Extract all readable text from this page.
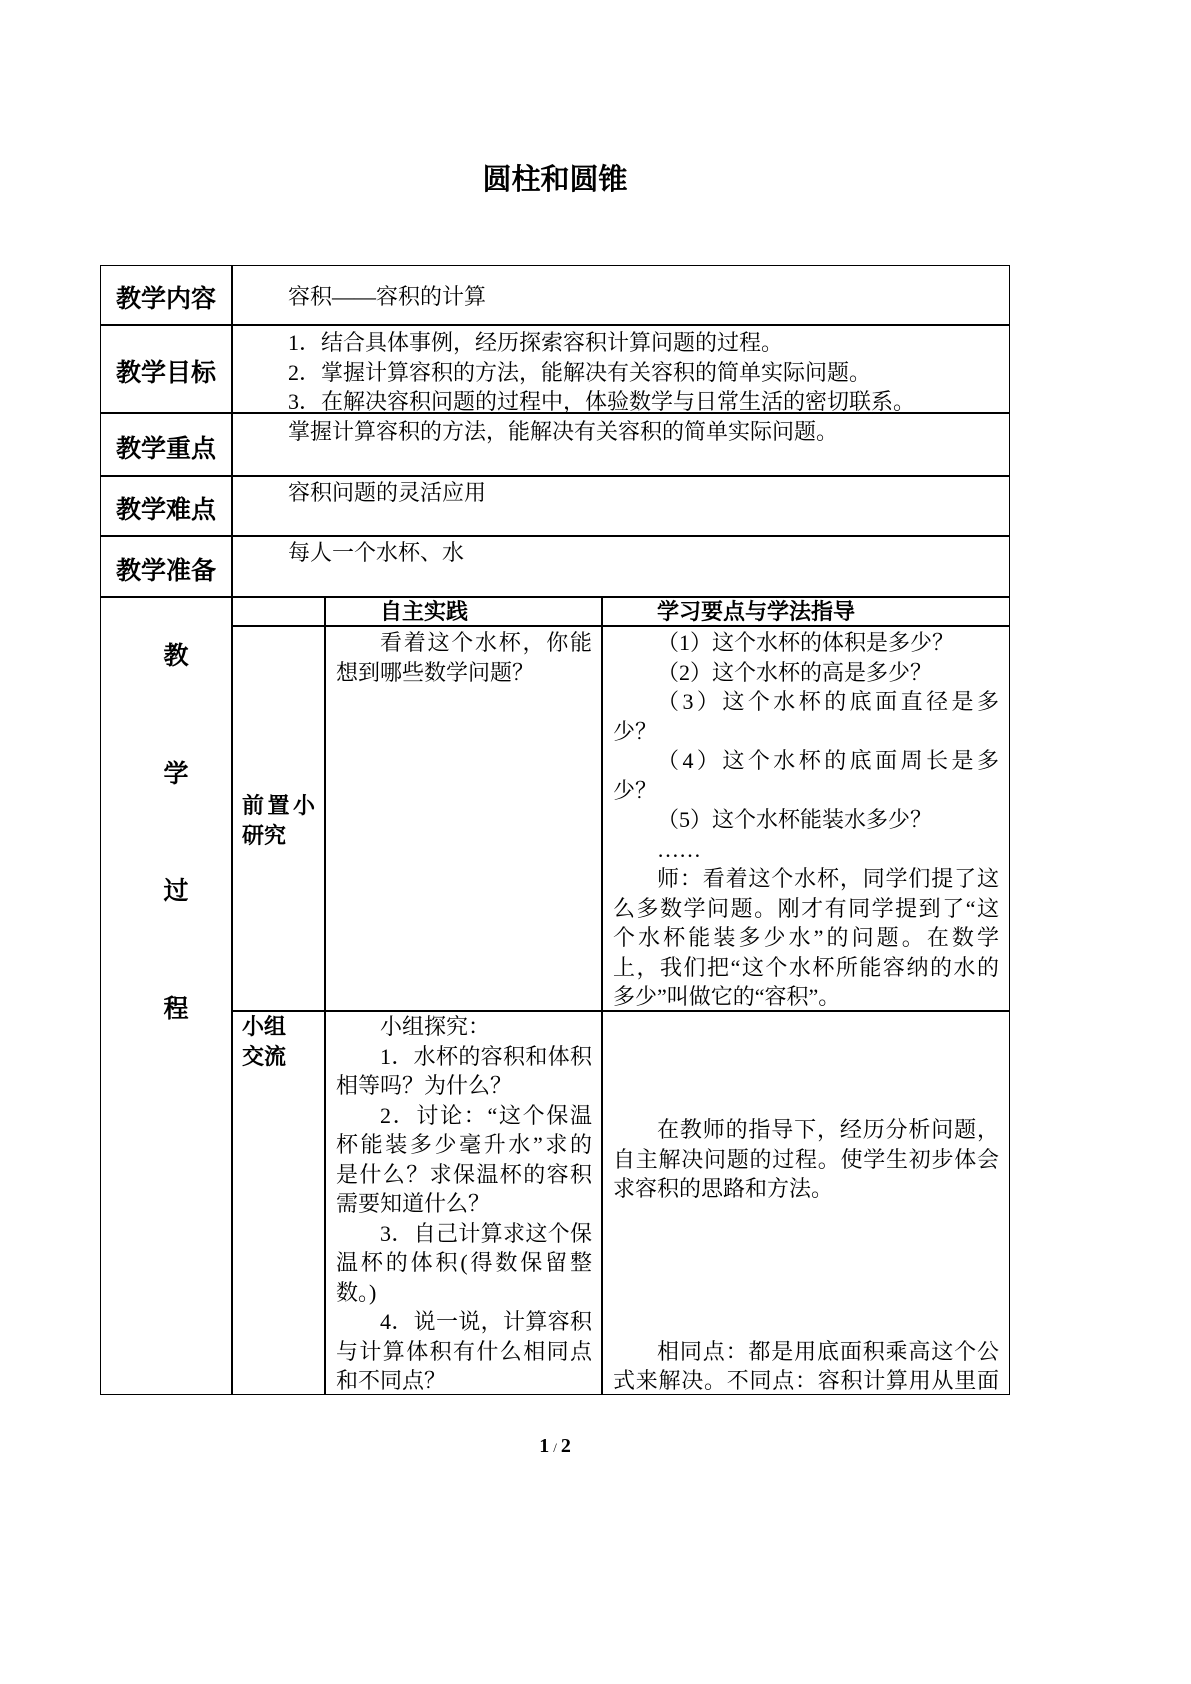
圆柱和圆锥
教学内容	容积——容积的计算
教学目标
1．结合具体事例，经历探索容积计算问题的过程。
2．掌握计算容积的方法，能解决有关容积的简单实际问题。
3．在解决容积问题的过程中，体验数学与日常生活的密切联系。
教学重点
掌握计算容积的方法，能解决有关容积的简单实际问题。
教学难点
容积问题的灵活应用
教学准备
每人一个水杯、水
教
学
过
程
自主实践	学习要点与学法指导
前置小
研究
看着这个水杯，你能
想到哪些数学问题？
（1）这个水杯的体积是多少？
（2）这个水杯的高是多少？
（3）这个水杯的底面直径是多
少？
（4）这个水杯的底面周长是多
少？
（5）这个水杯能装水多少？
……
师：看着这个水杯，同学们提了这
么多数学问题。刚才有同学提到了“这
个水杯能装多少水”的问题。在数学
上，我们把“这个水杯所能容纳的水的
多少”叫做它的“容积”。
小组
交流
小组探究：
1．水杯的容积和体积
相等吗？为什么？
2．讨论：“这个保温
杯能装多少毫升水”求的
是什么？求保温杯的容积
需要知道什么？
3．自己计算求这个保
温杯的体积(得数保留整
数。)
4．说一说，计算容积
与计算体积有什么相同点
和不同点？
在教师的指导下，经历分析问题，
自主解决问题的过程。使学生初步体会
求容积的思路和方法。
相同点：都是用底面积乘高这个公
式来解决。不同点：容积计算用从里面
1 / 2
